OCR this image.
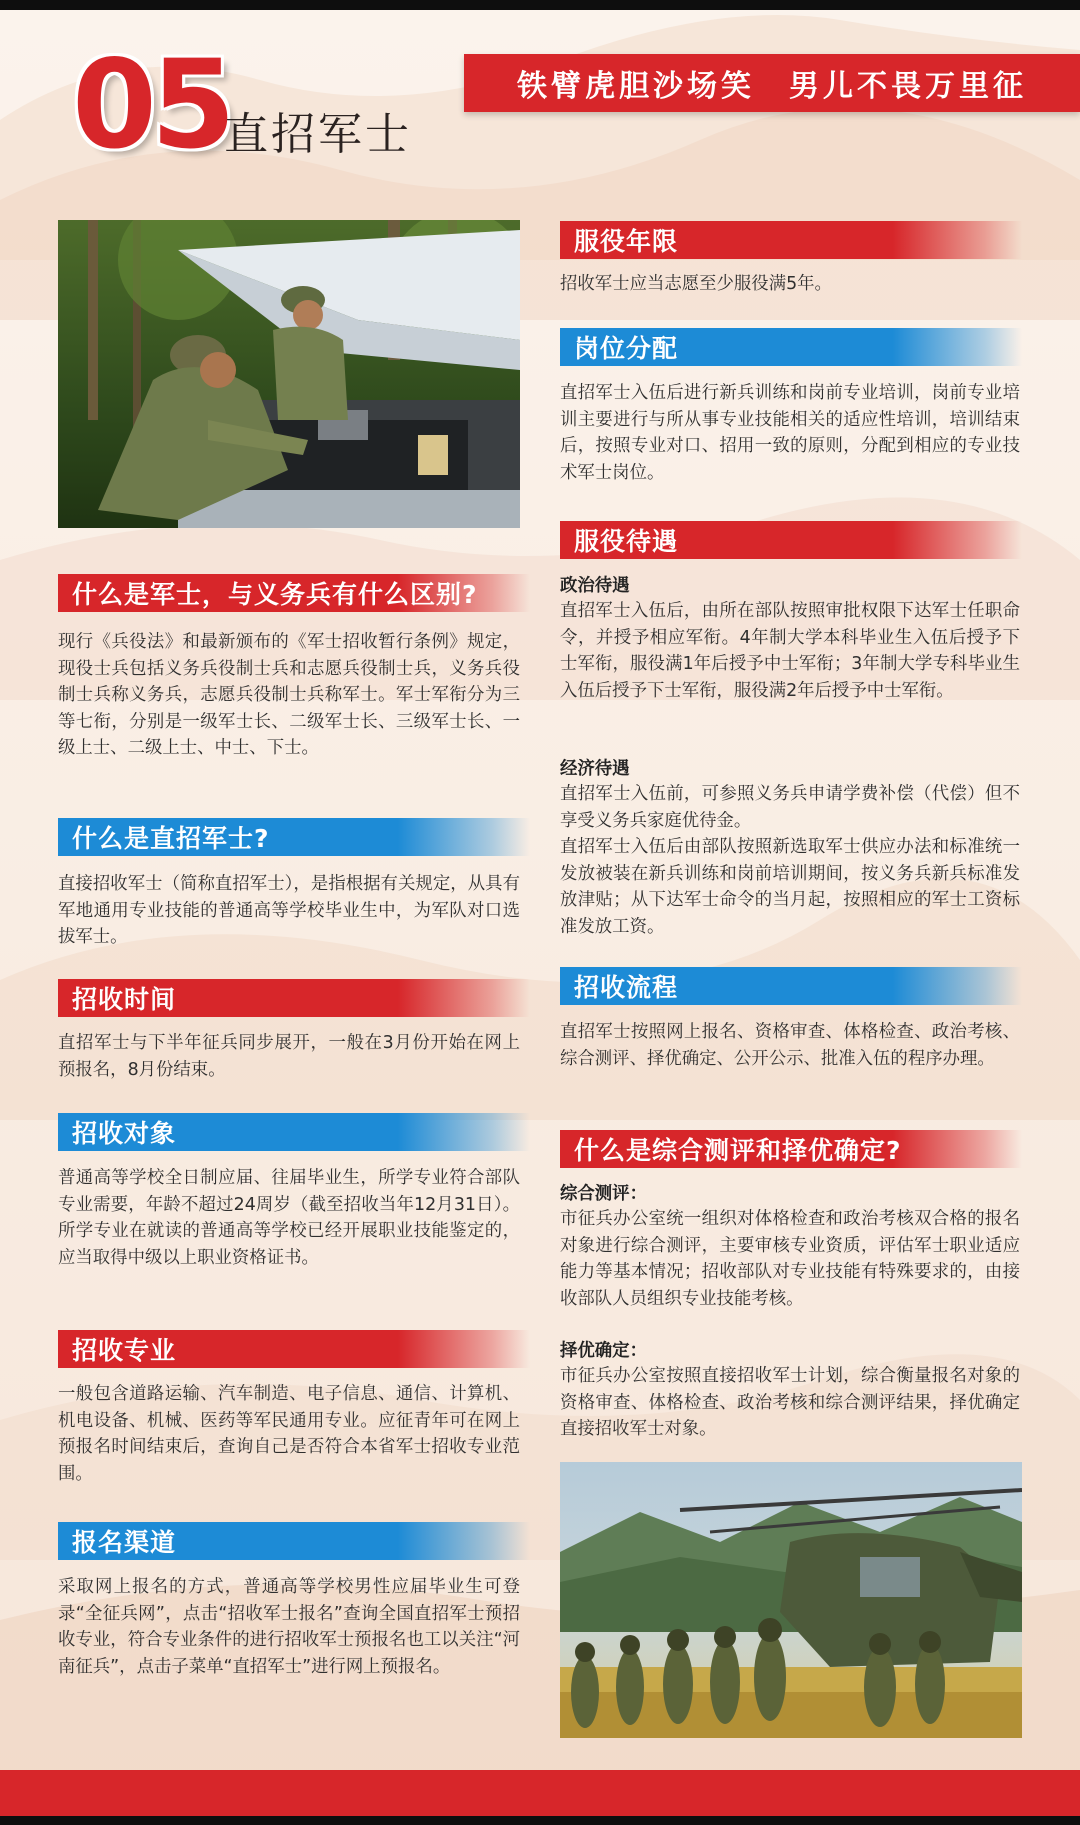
05
直招军士
铁臂虎胆沙场笑　男儿不畏万里征
什么是军士，与义务兵有什么区别?
现行《兵役法》和最新颁布的《军士招收暂行条例》规定，现役士兵包括义务兵役制士兵和志愿兵役制士兵，义务兵役制士兵称义务兵，志愿兵役制士兵称军士。军士军衔分为三等七衔，分别是一级军士长、二级军士长、三级军士长、一级上士、二级上士、中士、下士。
什么是直招军士?
直接招收军士（简称直招军士），是指根据有关规定，从具有军地通用专业技能的普通高等学校毕业生中，为军队对口选拔军士。
招收时间
直招军士与下半年征兵同步展开，一般在3月份开始在网上预报名，8月份结束。
招收对象
普通高等学校全日制应届、往届毕业生，所学专业符合部队专业需要，年龄不超过24周岁（截至招收当年12月31日）。所学专业在就读的普通高等学校已经开展职业技能鉴定的，应当取得中级以上职业资格证书。
招收专业
一般包含道路运输、汽车制造、电子信息、通信、计算机、机电设备、机械、医药等军民通用专业。应征青年可在网上预报名时间结束后，查询自己是否符合本省军士招收专业范围。
报名渠道
采取网上报名的方式，普通高等学校男性应届毕业生可登录“全征兵网”，点击“招收军士报名”查询全国直招军士预招收专业，符合专业条件的进行招收军士预报名也工以关注“河南征兵”，点击子菜单“直招军士”进行网上预报名。
服役年限
招收军士应当志愿至少服役满5年。
岗位分配
直招军士入伍后进行新兵训练和岗前专业培训，岗前专业培训主要进行与所从事专业技能相关的适应性培训，培训结束后，按照专业对口、招用一致的原则，分配到相应的专业技术军士岗位。
服役待遇
政治待遇
直招军士入伍后，由所在部队按照审批权限下达军士任职命令，并授予相应军衔。4年制大学本科毕业生入伍后授予下士军衔，服役满1年后授予中士军衔；3年制大学专科毕业生入伍后授予下士军衔，服役满2年后授予中士军衔。
经济待遇
直招军士入伍前，可参照义务兵申请学费补偿（代偿）但不享受义务兵家庭优待金。
直招军士入伍后由部队按照新选取军士供应办法和标准统一发放被装在新兵训练和岗前培训期间，按义务兵新兵标准发放津贴；从下达军士命令的当月起，按照相应的军士工资标准发放工资。
招收流程
直招军士按照网上报名、资格审查、体格检查、政治考核、综合测评、择优确定、公开公示、批准入伍的程序办理。
什么是综合测评和择优确定?
综合测评：
市征兵办公室统一组织对体格检查和政治考核双合格的报名对象进行综合测评，主要审核专业资质，评估军士职业适应能力等基本情况；招收部队对专业技能有特殊要求的，由接收部队人员组织专业技能考核。
择优确定：
市征兵办公室按照直接招收军士计划，综合衡量报名对象的资格审查、体格检查、政治考核和综合测评结果，择优确定直接招收军士对象。
